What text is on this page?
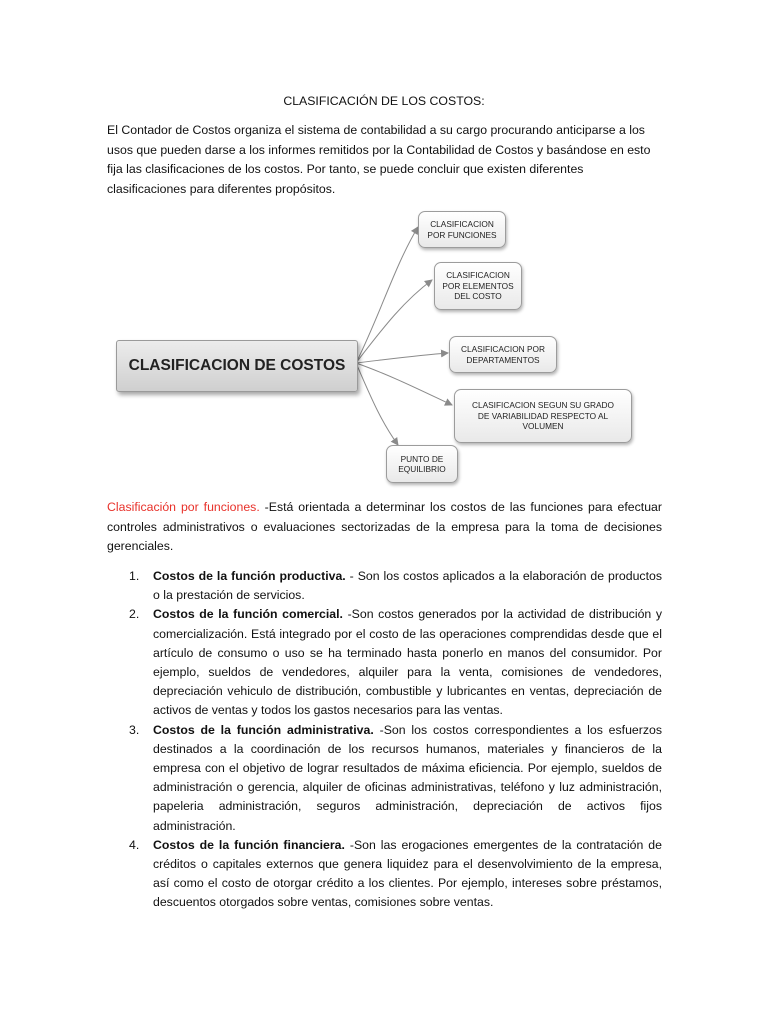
CLASIFICACIÓN DE LOS COSTOS:

El Contador de Costos organiza el sistema de contabilidad a su cargo procurando anticiparse a los usos que pueden darse a los informes remitidos por la Contabilidad de Costos y basándose en esto fija las clasificaciones de los costos. Por tanto, se puede concluir que existen diferentes clasificaciones para diferentes propósitos.

CLASIFICACION DE COSTOS
CLASIFICACION
POR FUNCIONES
CLASIFICACION
POR ELEMENTOS
DEL COSTO
CLASIFICACION POR
DEPARTAMENTOS
CLASIFICACION SEGUN SU GRADO
DE VARIABILIDAD RESPECTO AL
VOLUMEN
PUNTO DE
EQUILIBRIO

Clasificación por funciones. -Está orientada a determinar los costos de las funciones para efectuar controles administrativos o evaluaciones sectorizadas de la empresa para la toma de decisiones gerenciales.

1. Costos de la función productiva. - Son los costos aplicados a la elaboración de productos o la prestación de servicios.
2. Costos de la función comercial. -Son costos generados por la actividad de distribución y comercialización. Está integrado por el costo de las operaciones comprendidas desde que el artículo de consumo o uso se ha terminado hasta ponerlo en manos del consumidor. Por ejemplo, sueldos de vendedores, alquiler para la venta, comisiones de vendedores, depreciación vehiculo de distribución, combustible y lubricantes en ventas, depreciación de activos de ventas y todos los gastos necesarios para las ventas.
3. Costos de la función administrativa. -Son los costos correspondientes a los esfuerzos destinados a la coordinación de los recursos humanos, materiales y financieros de la empresa con el objetivo de lograr resultados de máxima eficiencia. Por ejemplo, sueldos de administración o gerencia, alquiler de oficinas administrativas, teléfono y luz administración, papeleria administración, seguros administración, depreciación de activos fijos administración.
4. Costos de la función financiera. -Son las erogaciones emergentes de la contratación de créditos o capitales externos que genera liquidez para el desenvolvimiento de la empresa, así como el costo de otorgar crédito a los clientes. Por ejemplo, intereses sobre préstamos, descuentos otorgados sobre ventas, comisiones sobre ventas.
